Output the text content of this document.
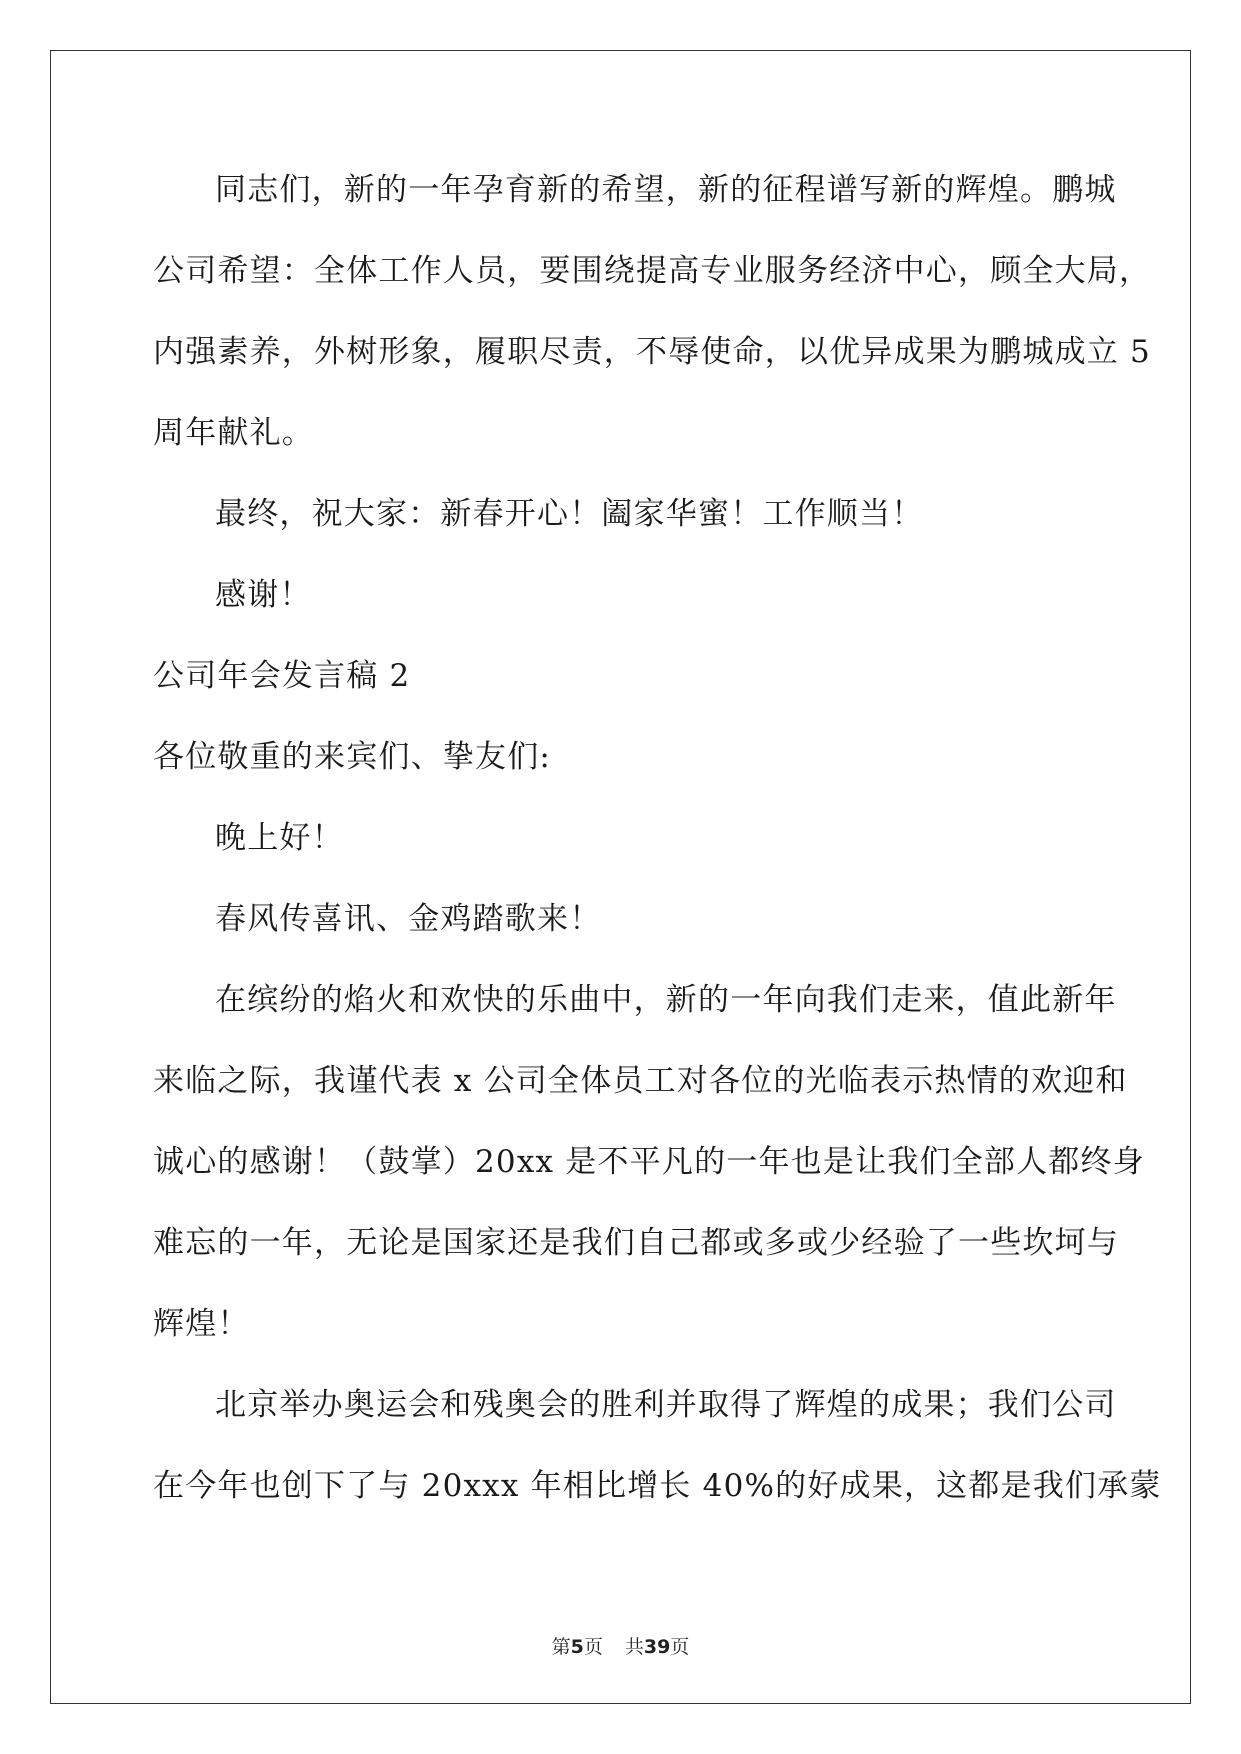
同志们，新的一年孕育新的希望，新的征程谱写新的辉煌。鹏城
公司希望：全体工作人员，要围绕提高专业服务经济中心，顾全大局，
内强素养，外树形象，履职尽责，不辱使命，以优异成果为鹏城成立 5
周年献礼。
最终，祝大家：新春开心！阖家华蜜！工作顺当！
感谢！
公司年会发言稿 2
各位敬重的来宾们、挚友们:
晚上好！
春风传喜讯、金鸡踏歌来！
在缤纷的焰火和欢快的乐曲中，新的一年向我们走来，值此新年
来临之际，我谨代表 x 公司全体员工对各位的光临表示热情的欢迎和
诚心的感谢！（鼓掌）20xx 是不平凡的一年也是让我们全部人都终身
难忘的一年，无论是国家还是我们自己都或多或少经验了一些坎坷与
辉煌！
北京举办奥运会和残奥会的胜利并取得了辉煌的成果；我们公司
在今年也创下了与 20xxx 年相比增长 40%的好成果，这都是我们承蒙
第5页 共39页
